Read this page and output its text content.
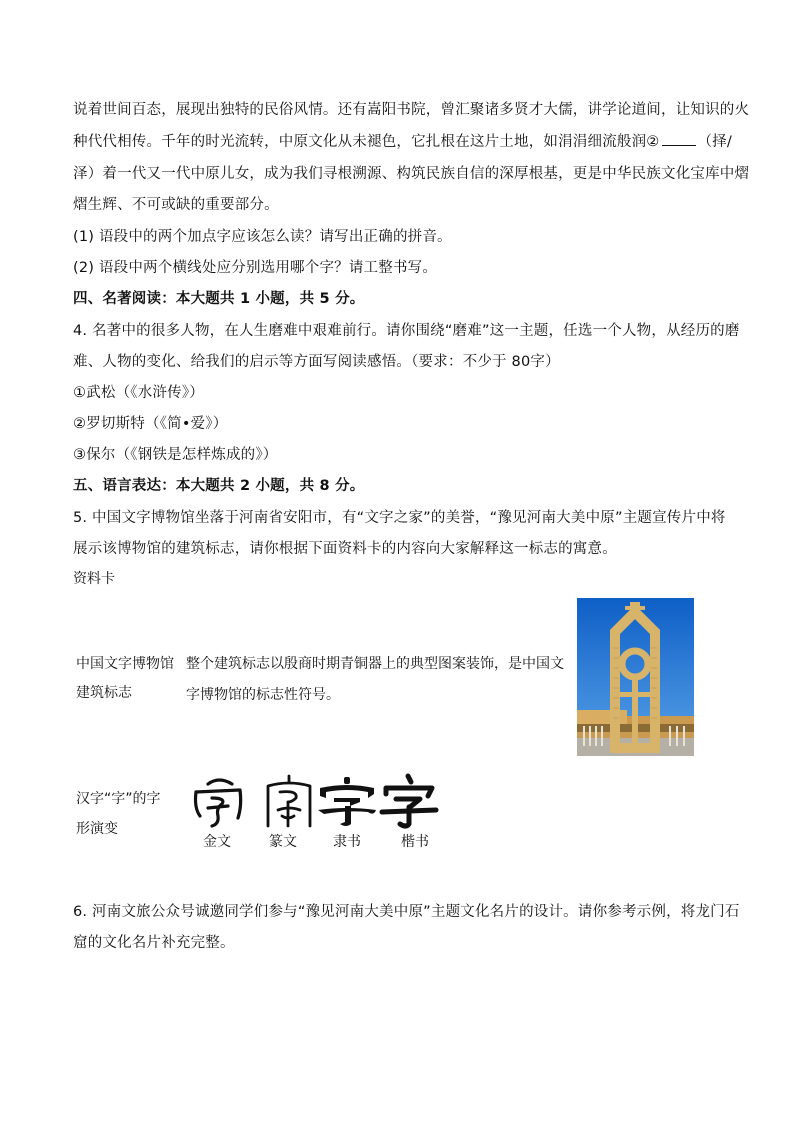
说着世间百态，展现出独特的民俗风情。还有嵩阳书院，曾汇聚诸多贤才大儒，讲学论道间，让知识的火
种代代相传。千年的时光流转，中原文化从未褪色，它扎根在这片土地，如涓涓细流般润②	（择/
泽）着一代又一代中原儿女，成为我们寻根溯源、构筑民族自信的深厚根基，更是中华民族文化宝库中熠
熠生辉、不可或缺的重要部分。
(1) 语段中的两个加点字应该怎么读？请写出正确的拼音。
(2) 语段中两个横线处应分别选用哪个字？请工整书写。
四、名著阅读：本大题共 1 小题，共 5 分。
4. 名著中的很多人物，在人生磨难中艰难前行。请你围绕“磨难”这一主题，任选一个人物，从经历的磨
难、人物的变化、给我们的启示等方面写阅读感悟。（要求：不少于 80字）
①武松（《水浒传》）
②罗切斯特（《简•爱》）
③保尔（《钢铁是怎样炼成的》）
五、语言表达：本大题共 2 小题，共 8 分。
5. 中国文字博物馆坐落于河南省安阳市，有“文字之家”的美誉，“豫见河南大美中原”主题宣传片中将
展示该博物馆的建筑标志，请你根据下面资料卡的内容向大家解释这一标志的寓意。
资料卡
中国文字博物馆
建筑标志
整个建筑标志以殷商时期青铜器上的典型图案装饰，是中国文字博物馆的标志性符号。
汉字“字”的字
形演变
金文	篆文	隶书	楷书
6. 河南文旅公众号诚邀同学们参与“豫见河南大美中原”主题文化名片的设计。请你参考示例，将龙门石
窟的文化名片补充完整。
